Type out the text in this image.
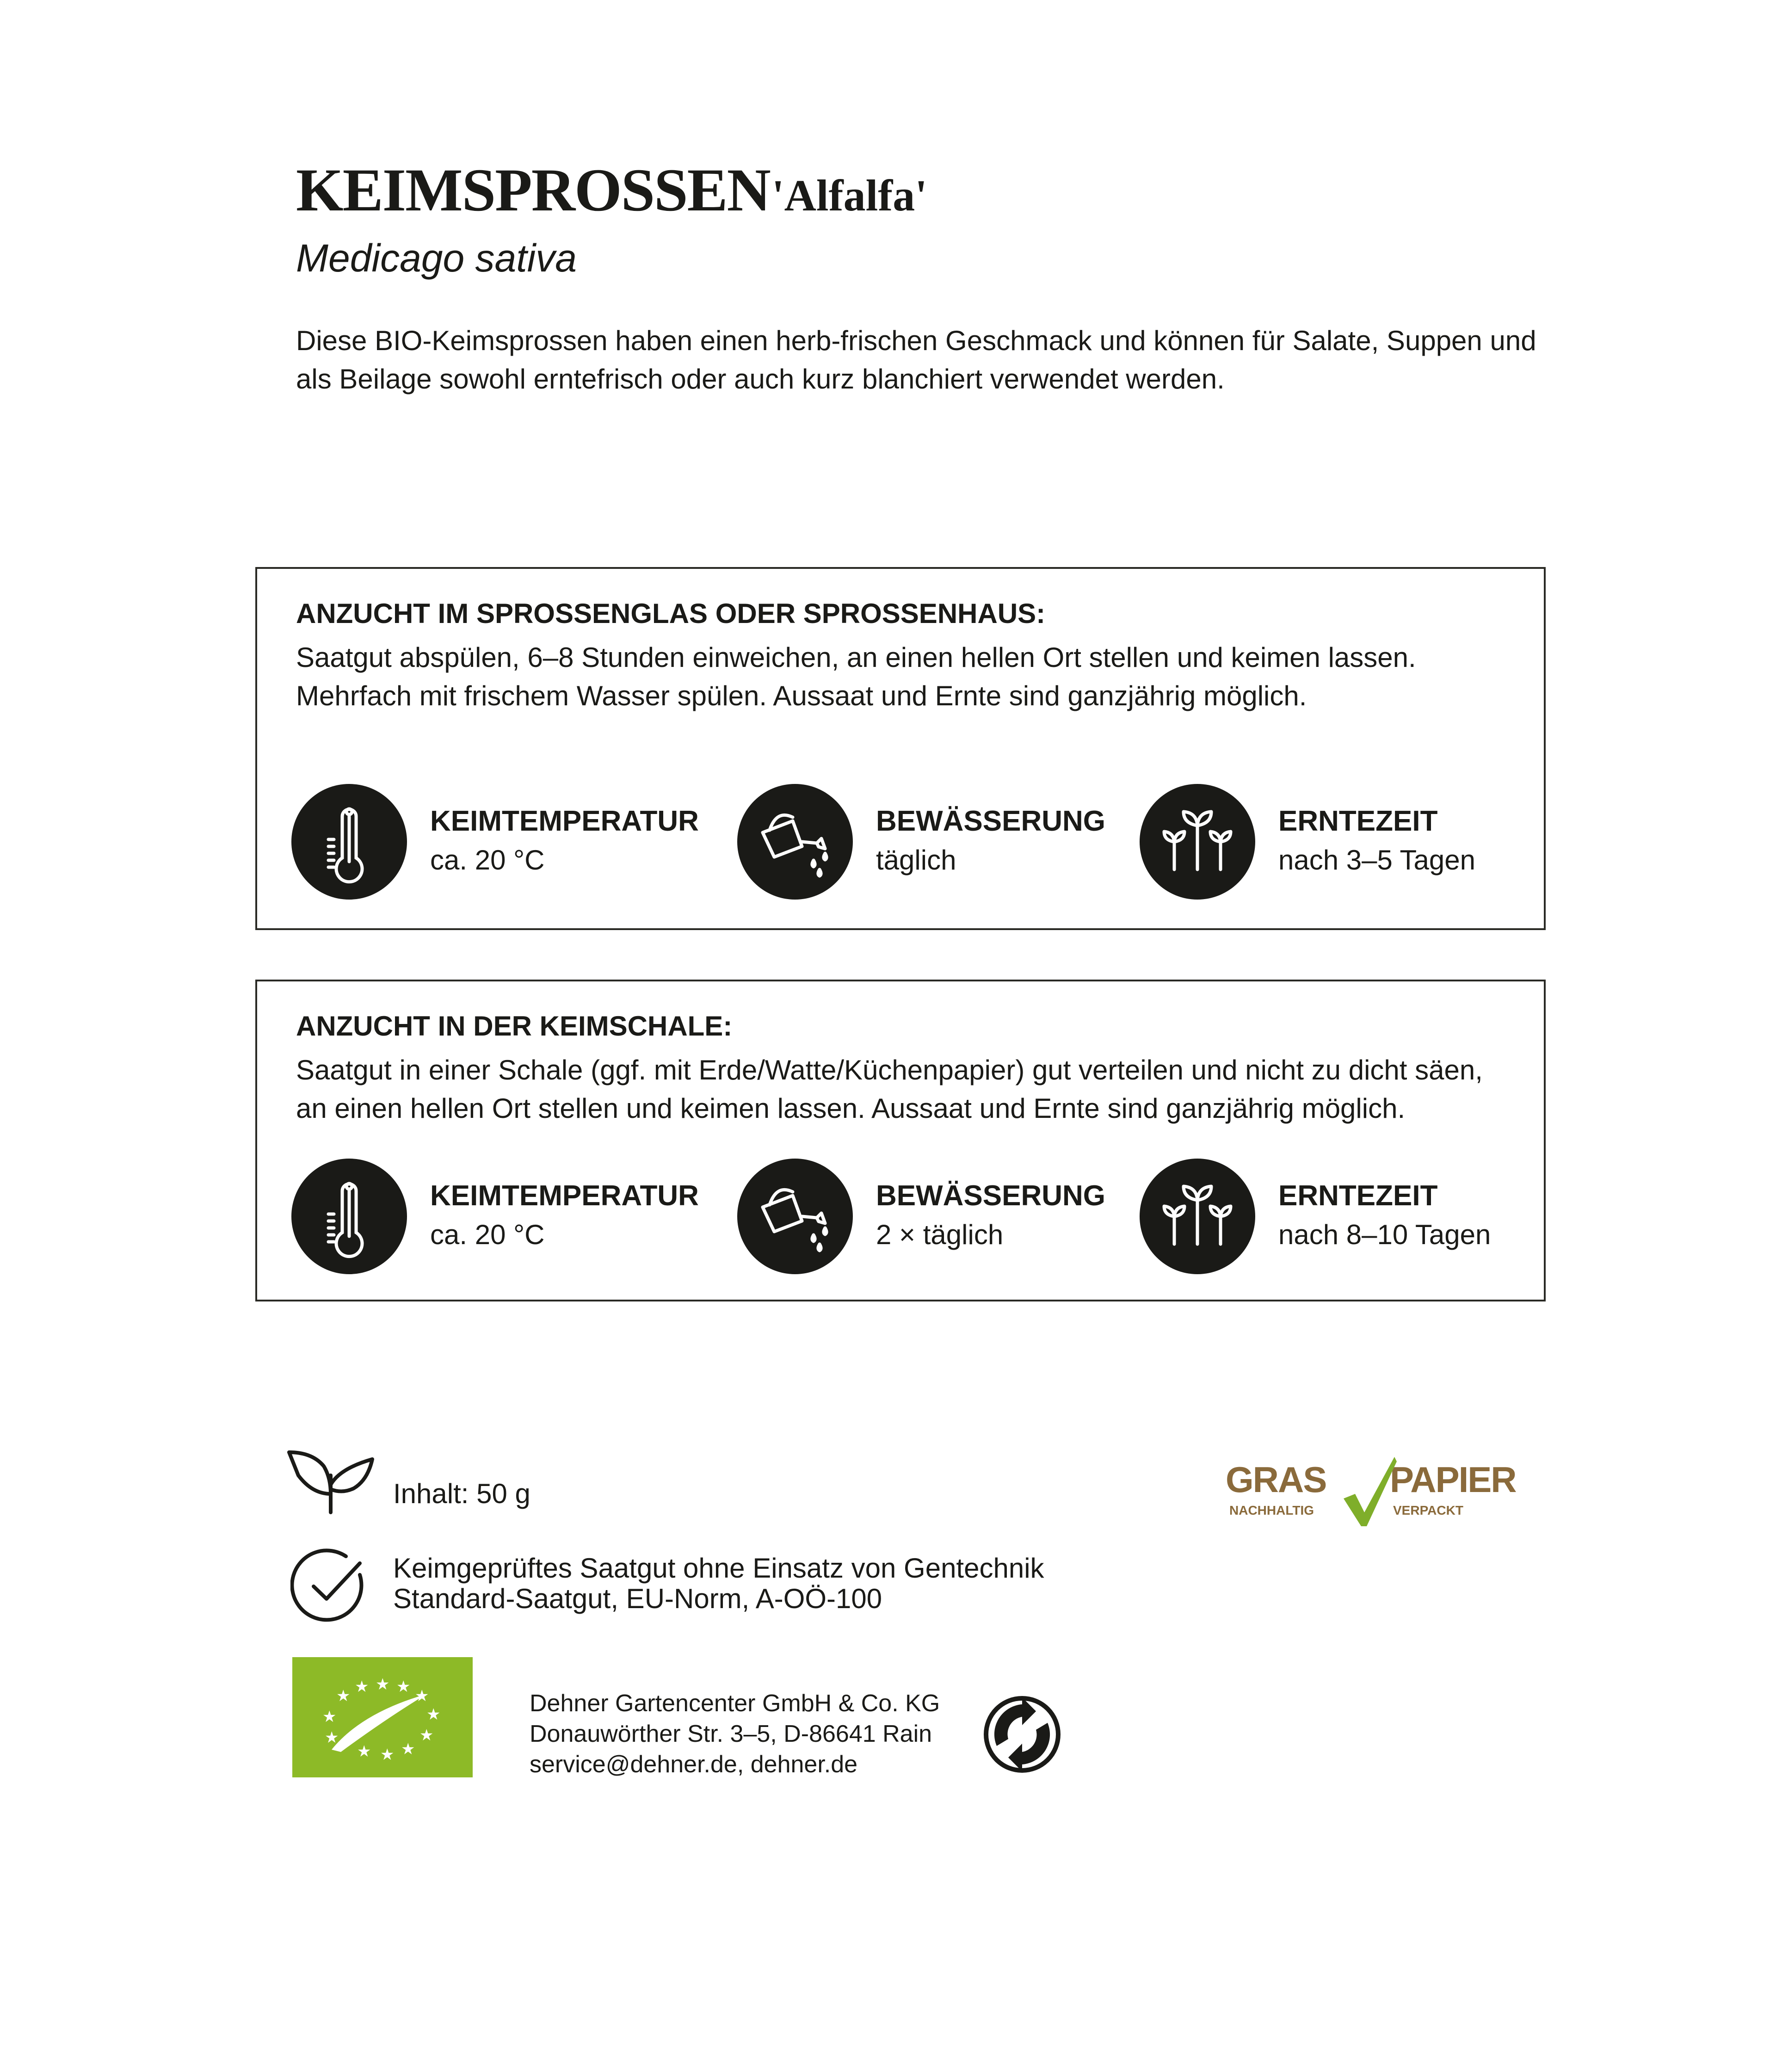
KEIMSPROSSEN 'Alfalfa'
Medicago sativa
Diese BIO-Keimsprossen haben einen herb-frischen Geschmack und können für Salate, Suppen und als Beilage sowohl erntefrisch oder auch kurz blanchiert verwendet werden.
ANZUCHT IM SPROSSENGLAS ODER SPROSSENHAUS:
Saatgut abspülen, 6–8 Stunden einweichen, an einen hellen Ort stellen und keimen lassen. Mehrfach mit frischem Wasser spülen. Aussaat und Ernte sind ganzjährig möglich.
KEIMTEMPERATUR
ca. 20 °C
BEWÄSSERUNG
täglich
ERNTEZEIT
nach 3–5 Tagen
ANZUCHT IN DER KEIMSCHALE:
Saatgut in einer Schale (ggf. mit Erde/Watte/Küchenpapier) gut verteilen und nicht zu dicht säen, an einen hellen Ort stellen und keimen lassen. Aussaat und Ernte sind ganzjährig möglich.
KEIMTEMPERATUR
ca. 20 °C
BEWÄSSERUNG
2 × täglich
ERNTEZEIT
nach 8–10 Tagen
Inhalt: 50 g
Keimgeprüftes Saatgut ohne Einsatz von Gentechnik
Standard-Saatgut, EU-Norm, A-OÖ-100
★ ★ ★ ★ ★
★
★
★
★
★
★
★
Dehner Gartencenter GmbH & Co. KG
Donauwörther Str. 3–5, D-86641 Rain
service@dehner.de, dehner.de
GRAS PAPIER
NACHHALTIG	VERPACKT
